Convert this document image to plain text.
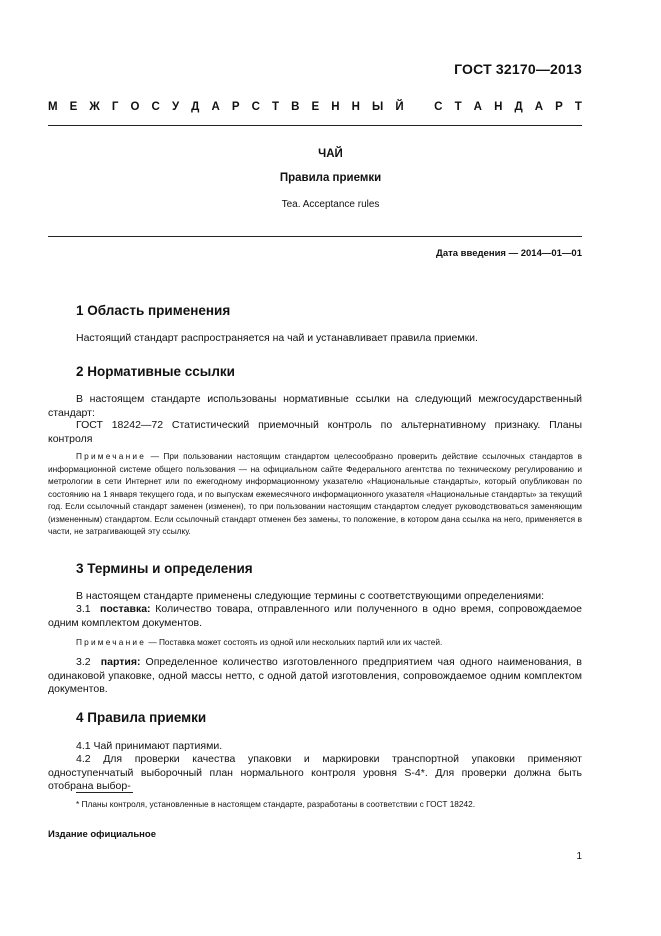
ГОСТ 32170—2013
М Е Ж Г О С У Д А Р С Т В Е Н Н Ы Й
	С Т А Н Д А Р Т
ЧАЙ
Правила приемки
Tea. Acceptance rules
Дата введения — 2014—01—01
1 Область применения
Настоящий стандарт распространяется на чай и устанавливает правила приемки.
2 Нормативные ссылки
В настоящем стандарте использованы нормативные ссылки на следующий межгосударственный стандарт:
ГОСТ 18242—72 Статистический приемочный контроль по альтернативному признаку. Планы контроля
Примечание — При пользовании настоящим стандартом целесообразно проверить действие ссылочных стандартов в информационной системе общего пользования — на официальном сайте Федерального агентства по техническому регулированию и метрологии в сети Интернет или по ежегодному информационному указателю «Национальные стандарты», который опубликован по состоянию на 1 января текущего года, и по выпускам ежемесячного информационного указателя «Национальные стандарты» за текущий год. Если ссылочный стандарт заменен (изменен), то при пользовании настоящим стандартом следует руководствоваться заменяющим (измененным) стандартом. Если ссылочный стандарт отменен без замены, то положение, в котором дана ссылка на него, применяется в части, не затрагивающей эту ссылку.
3 Термины и определения
В настоящем стандарте применены следующие термины с соответствующими определениями:
3.1 поставка: Количество товара, отправленного или полученного в одно время, сопровождаемое одним комплектом документов.
Примечание — Поставка может состоять из одной или нескольких партий или их частей.
3.2 партия: Определенное количество изготовленного предприятием чая одного наименования, в одинаковой упаковке, одной массы нетто, с одной датой изготовления, сопровождаемое одним комплектом документов.
4 Правила приемки
4.1 Чай принимают партиями.
4.2 Для проверки качества упаковки и маркировки транспортной упаковки применяют одноступенчатый выборочный план нормального контроля уровня S-4*. Для проверки должна быть отобрана выбор-
* Планы контроля, установленные в настоящем стандарте, разработаны в соответствии с ГОСТ 18242.
Издание официальное
1
